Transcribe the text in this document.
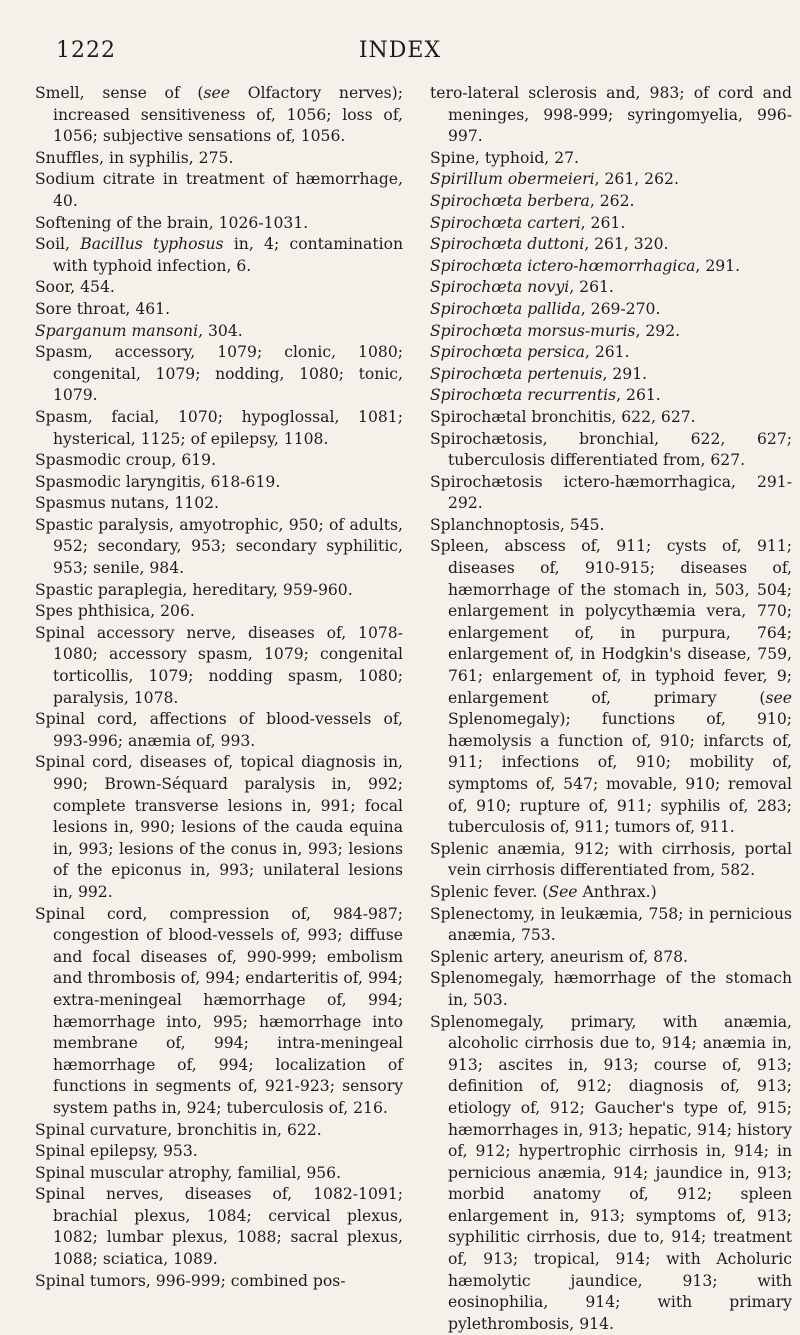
1222	INDEX
Smell, sense of (see Olfactory nerves); increased sensitiveness of, 1056; loss of, 1056; subjective sensations of, 1056.
Snuffles, in syphilis, 275.
Sodium citrate in treatment of hæmorrhage, 40.
Softening of the brain, 1026-1031.
Soil, Bacillus typhosus in, 4; contamination with typhoid infection, 6.
Soor, 454.
Sore throat, 461.
Sparganum mansoni, 304.
Spasm, accessory, 1079; clonic, 1080; congenital, 1079; nodding, 1080; tonic, 1079.
Spasm, facial, 1070; hypoglossal, 1081; hysterical, 1125; of epilepsy, 1108.
Spasmodic croup, 619.
Spasmodic laryngitis, 618-619.
Spasmus nutans, 1102.
Spastic paralysis, amyotrophic, 950; of adults, 952; secondary, 953; secondary syphilitic, 953; senile, 984.
Spastic paraplegia, hereditary, 959-960.
Spes phthisica, 206.
Spinal accessory nerve, diseases of, 1078-1080; accessory spasm, 1079; congenital torticollis, 1079; nodding spasm, 1080; paralysis, 1078.
Spinal cord, affections of blood-vessels of, 993-996; anæmia of, 993.
Spinal cord, diseases of, topical diagnosis in, 990; Brown-Séquard paralysis in, 992; complete transverse lesions in, 991; focal lesions in, 990; lesions of the cauda equina in, 993; lesions of the conus in, 993; lesions of the epiconus in, 993; unilateral lesions in, 992.
Spinal cord, compression of, 984-987; congestion of blood-vessels of, 993; diffuse and focal diseases of, 990-999; embolism and thrombosis of, 994; endarteritis of, 994; extra-meningeal hæmorrhage of, 994; hæmorrhage into, 995; hæmorrhage into membrane of, 994; intra-meningeal hæmorrhage of, 994; localization of functions in segments of, 921-923; sensory system paths in, 924; tuberculosis of, 216.
Spinal curvature, bronchitis in, 622.
Spinal epilepsy, 953.
Spinal muscular atrophy, familial, 956.
Spinal nerves, diseases of, 1082-1091; brachial plexus, 1084; cervical plexus, 1082; lumbar plexus, 1088; sacral plexus, 1088; sciatica, 1089.
Spinal tumors, 996-999; combined pos-
tero-lateral sclerosis and, 983; of cord and meninges, 998-999; syringomyelia, 996-997.
Spine, typhoid, 27.
Spirillum obermeieri, 261, 262.
Spirochœta berbera, 262.
Spirochœta carteri, 261.
Spirochœta duttoni, 261, 320.
Spirochœta ictero-hœmorrhagica, 291.
Spirochœta novyi, 261.
Spirochœta pallida, 269-270.
Spirochœta morsus-muris, 292.
Spirochœta persica, 261.
Spirochœta pertenuis, 291.
Spirochœta recurrentis, 261.
Spirochætal bronchitis, 622, 627.
Spirochætosis, bronchial, 622, 627; tuberculosis differentiated from, 627.
Spirochætosis ictero-hæmorrhagica, 291-292.
Splanchnoptosis, 545.
Spleen, abscess of, 911; cysts of, 911; diseases of, 910-915; diseases of, hæmorrhage of the stomach in, 503, 504; enlargement in polycythæmia vera, 770; enlargement of, in purpura, 764; enlargement of, in Hodgkin's disease, 759, 761; enlargement of, in typhoid fever, 9; enlargement of, primary (see Splenomegaly); functions of, 910; hæmolysis a function of, 910; infarcts of, 911; infections of, 910; mobility of, symptoms of, 547; movable, 910; removal of, 910; rupture of, 911; syphilis of, 283; tuberculosis of, 911; tumors of, 911.
Splenic anæmia, 912; with cirrhosis, portal vein cirrhosis differentiated from, 582.
Splenic fever. (See Anthrax.)
Splenectomy, in leukæmia, 758; in pernicious anæmia, 753.
Splenic artery, aneurism of, 878.
Splenomegaly, hæmorrhage of the stomach in, 503.
Splenomegaly, primary, with anæmia, alcoholic cirrhosis due to, 914; anæmia in, 913; ascites in, 913; course of, 913; definition of, 912; diagnosis of, 913; etiology of, 912; Gaucher's type of, 915; hæmorrhages in, 913; hepatic, 914; history of, 912; hypertrophic cirrhosis in, 914; in pernicious anæmia, 914; jaundice in, 913; morbid anatomy of, 912; spleen enlargement in, 913; symptoms of, 913; syphilitic cirrhosis, due to, 914; treatment of, 913; tropical, 914; with Acholuric hæmolytic jaundice, 913; with eosinophilia, 914; with primary pylethrombosis, 914.
